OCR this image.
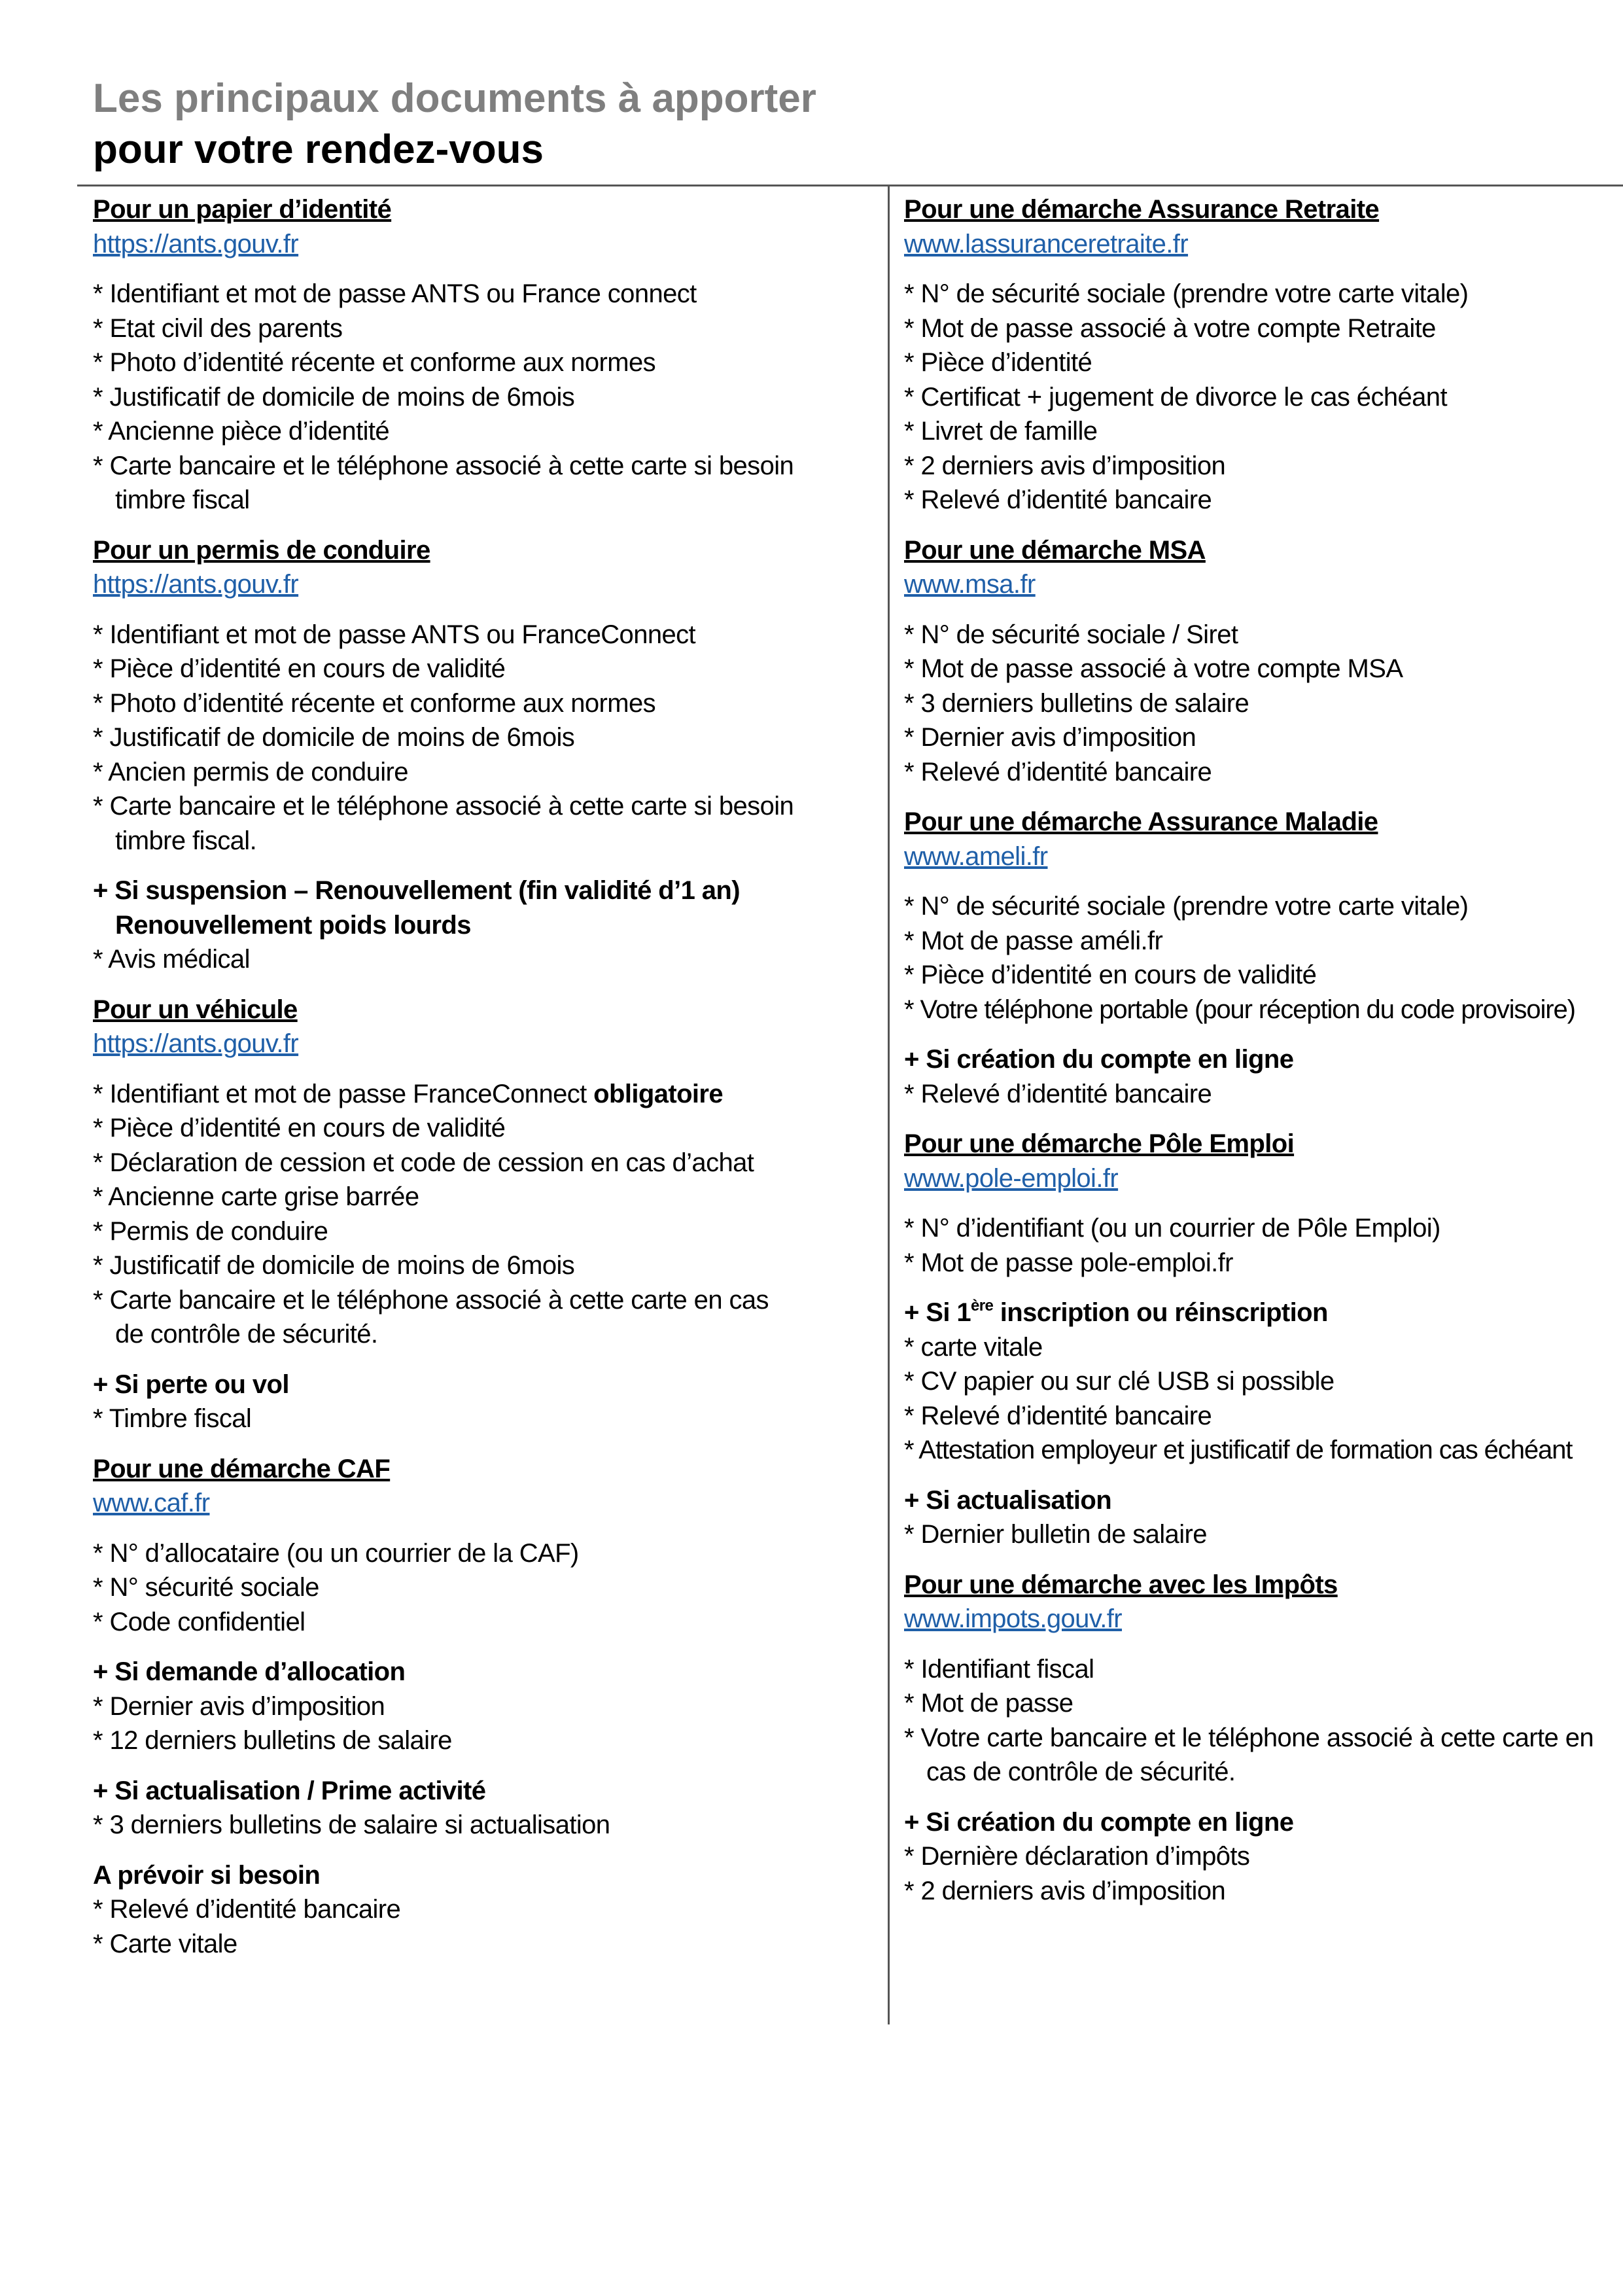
Les principaux documents à apporter
pour votre rendez-vous
Pour un papier d’identité
https://ants.gouv.fr
* Identifiant et mot de passe ANTS ou France connect
* Etat civil des parents
* Photo d’identité récente et conforme aux normes
* Justificatif de domicile de moins de 6mois
* Ancienne pièce d’identité
* Carte bancaire et le téléphone associé à cette carte si besoin timbre fiscal
Pour un permis de conduire
https://ants.gouv.fr
* Identifiant et mot de passe ANTS ou FranceConnect
* Pièce d’identité en cours de validité
* Photo d’identité récente et conforme aux normes
* Justificatif de domicile de moins de 6mois
* Ancien permis de conduire
* Carte bancaire et le téléphone associé à cette carte si besoin timbre fiscal.
+ Si suspension – Renouvellement (fin validité d’1 an)
Renouvellement poids lourds
* Avis médical
Pour un véhicule
https://ants.gouv.fr
* Identifiant et mot de passe FranceConnect obligatoire
* Pièce d’identité en cours de validité
* Déclaration de cession et code de cession en cas d’achat
* Ancienne carte grise barrée
* Permis de conduire
* Justificatif de domicile de moins de 6mois
* Carte bancaire et le téléphone associé à cette carte en cas de contrôle de sécurité.
+ Si perte ou vol
* Timbre fiscal
Pour une démarche CAF
www.caf.fr
* N° d’allocataire (ou un courrier de la CAF)
* N° sécurité sociale
* Code confidentiel
+ Si demande d’allocation
* Dernier avis d’imposition
* 12 derniers bulletins de salaire
+ Si actualisation / Prime activité
* 3 derniers bulletins de salaire si actualisation
A prévoir si besoin
* Relevé d’identité bancaire
* Carte vitale
Pour une démarche Assurance Retraite
www.lassuranceretraite.fr
* N° de sécurité sociale (prendre votre carte vitale)
* Mot de passe associé à votre compte Retraite
* Pièce d’identité
* Certificat + jugement de divorce le cas échéant
* Livret de famille
* 2 derniers avis d’imposition
* Relevé d’identité bancaire
Pour une démarche MSA
www.msa.fr
* N° de sécurité sociale / Siret
* Mot de passe associé à votre compte MSA
* 3 derniers bulletins de salaire
* Dernier avis d’imposition
* Relevé d’identité bancaire
Pour une démarche Assurance Maladie
www.ameli.fr
* N° de sécurité sociale (prendre votre carte vitale)
* Mot de passe améli.fr
* Pièce d’identité en cours de validité
* Votre téléphone portable (pour réception du code provisoire)
+ Si création du compte en ligne
* Relevé d’identité bancaire
Pour une démarche Pôle Emploi
www.pole-emploi.fr
* N° d’identifiant (ou un courrier de Pôle Emploi)
* Mot de passe pole-emploi.fr
+ Si 1ère inscription ou réinscription
* carte vitale
* CV papier ou sur clé USB si possible
* Relevé d’identité bancaire
* Attestation employeur et justificatif de formation cas échéant
+ Si actualisation
* Dernier bulletin de salaire
Pour une démarche avec les Impôts
www.impots.gouv.fr
* Identifiant fiscal
* Mot de passe
* Votre carte bancaire et le téléphone associé à cette carte en cas de contrôle de sécurité.
+ Si création du compte en ligne
* Dernière déclaration d’impôts
* 2 derniers avis d’imposition
